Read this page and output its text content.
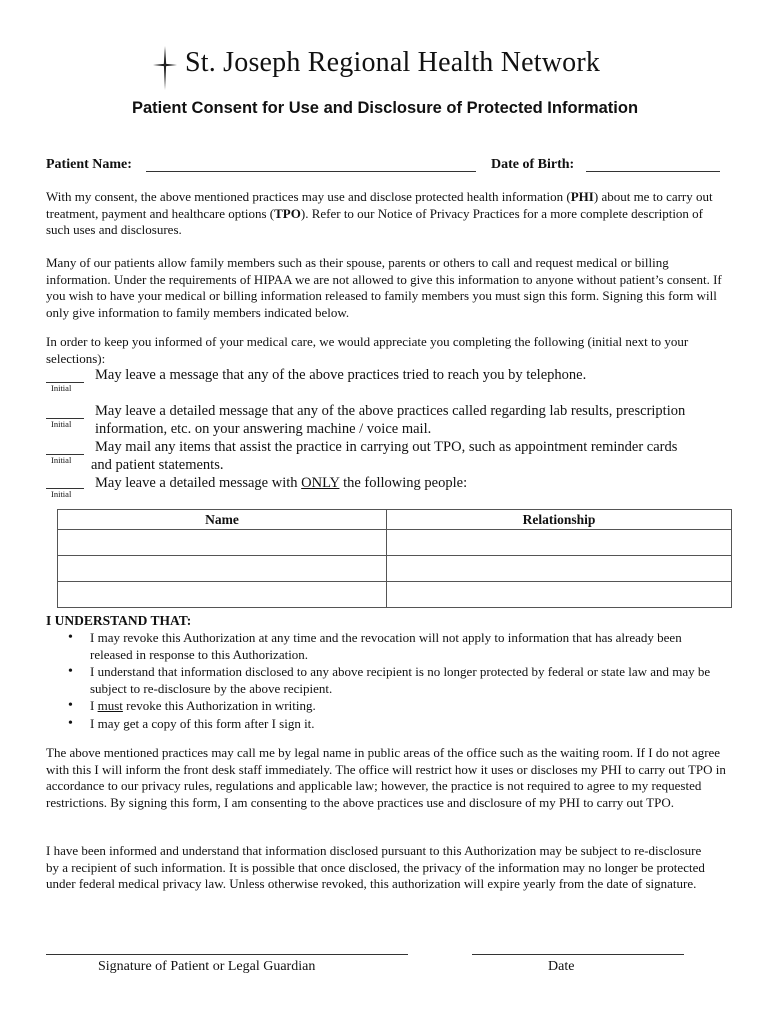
St. Joseph Regional Health Network
Patient Consent for Use and Disclosure of Protected Information
Patient Name:	Date of Birth:
With my consent, the above mentioned practices may use and disclose protected health information (PHI) about me to carry out treatment, payment and healthcare options (TPO). Refer to our Notice of Privacy Practices for a more complete description of such uses and disclosures.
Many of our patients allow family members such as their spouse, parents or others to call and request medical or billing information. Under the requirements of HIPAA we are not allowed to give this information to anyone without patient’s consent. If you wish to have your medical or billing information released to family members you must sign this form. Signing this form will only give information to family members indicated below.
In order to keep you informed of your medical care, we would appreciate you completing the following (initial next to your selections):
Initial
May leave a message that any of the above practices tried to reach you by telephone.
Initial
May leave a detailed message that any of the above practices called regarding lab results, prescription
information, etc. on your answering machine / voice mail.
Initial
May mail any items that assist the practice in carrying out TPO, such as appointment reminder cards
and patient statements.
Initial
May leave a detailed message with ONLY the following people:
Name	Relationship

I UNDERSTAND THAT:
• I may revoke this Authorization at any time and the revocation will not apply to information that has already been released in response to this Authorization.
• I understand that information disclosed to any above recipient is no longer protected by federal or state law and may be subject to re-disclosure by the above recipient.
• I must revoke this Authorization in writing.
• I may get a copy of this form after I sign it.
The above mentioned practices may call me by legal name in public areas of the office such as the waiting room. If I do not agree with this I will inform the front desk staff immediately. The office will restrict how it uses or discloses my PHI to carry out TPO in accordance to our privacy rules, regulations and applicable law; however, the practice is not required to agree to my requested restrictions. By signing this form, I am consenting to the above practices use and disclosure of my PHI to carry out TPO.
I have been informed and understand that information disclosed pursuant to this Authorization may be subject to re-disclosure by a recipient of such information. It is possible that once disclosed, the privacy of the information may no longer be protected under federal medical privacy law. Unless otherwise revoked, this authorization will expire yearly from the date of signature.
Signature of Patient or Legal Guardian	Date
